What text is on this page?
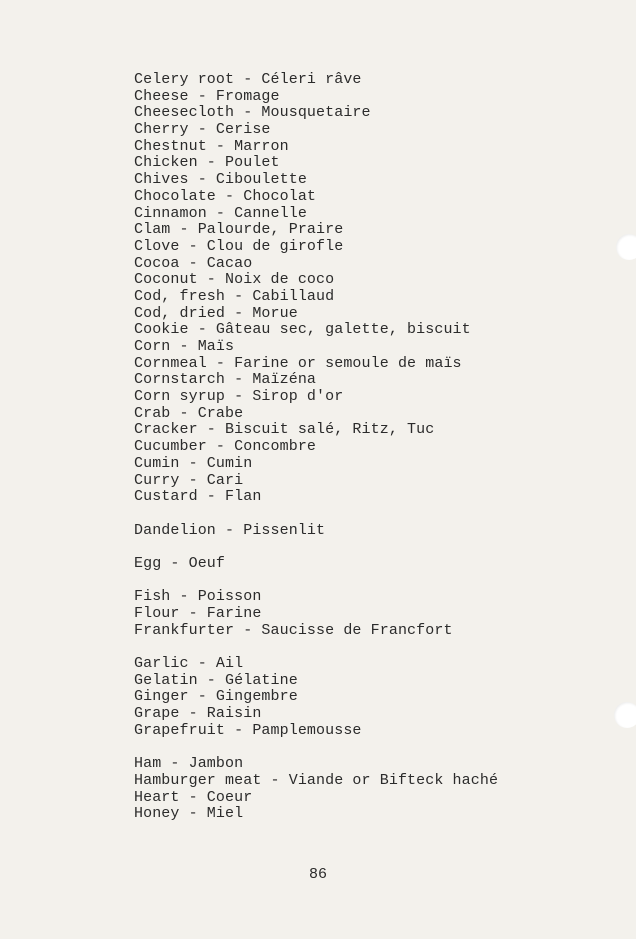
Celery root - Céleri râve
Cheese - Fromage
Cheesecloth - Mousquetaire
Cherry - Cerise
Chestnut - Marron
Chicken - Poulet
Chives - Ciboulette
Chocolate - Chocolat
Cinnamon - Cannelle
Clam - Palourde, Praire
Clove - Clou de girofle
Cocoa - Cacao
Coconut - Noix de coco
Cod, fresh - Cabillaud
Cod, dried - Morue
Cookie - Gâteau sec, galette, biscuit
Corn - Maïs
Cornmeal - Farine or semoule de maïs
Cornstarch - Maïzéna
Corn syrup - Sirop d'or
Crab - Crabe
Cracker - Biscuit salé, Ritz, Tuc
Cucumber - Concombre
Cumin - Cumin
Curry - Cari
Custard - Flan
Dandelion - Pissenlit
Egg - Oeuf
Fish - Poisson
Flour - Farine
Frankfurter - Saucisse de Francfort
Garlic - Ail
Gelatin - Gélatine
Ginger - Gingembre
Grape - Raisin
Grapefruit - Pamplemousse
Ham - Jambon
Hamburger meat - Viande or Bifteck haché
Heart - Coeur
Honey - Miel
86
